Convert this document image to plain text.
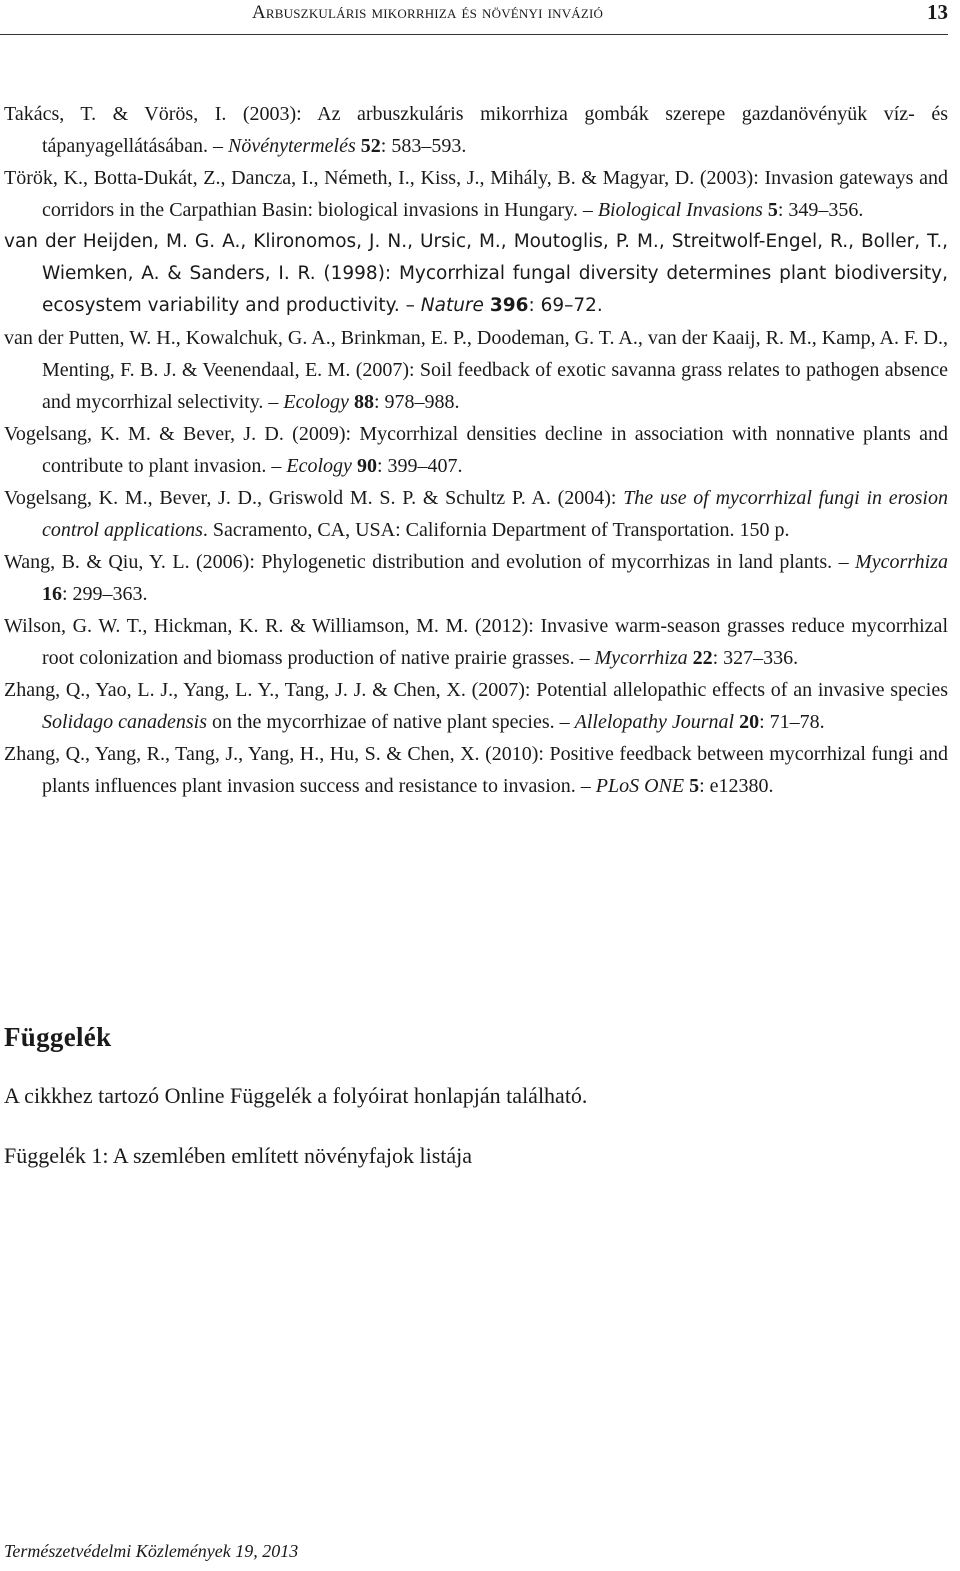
Arbuszkuláris mikorrhiza és növényi invázió	13
Takács, T. & Vörös, I. (2003): Az arbuszkuláris mikorrhiza gombák szerepe gazdanövényük víz- és tápanyagellátásában. – Növénytermelés 52: 583–593.
Török, K., Botta-Dukát, Z., Dancza, I., Németh, I., Kiss, J., Mihály, B. & Magyar, D. (2003): Invasion gateways and corridors in the Carpathian Basin: biological invasions in Hungary. – Biological Invasions 5: 349–356.
van der Heijden, M. G. A., Klironomos, J. N., Ursic, M., Moutoglis, P. M., Streitwolf-Engel, R., Boller, T., Wiemken, A. & Sanders, I. R. (1998): Mycorrhizal fungal diversity determines plant biodiversity, ecosystem variability and productivity. – Nature 396: 69–72.
van der Putten, W. H., Kowalchuk, G. A., Brinkman, E. P., Doodeman, G. T. A., van der Kaaij, R. M., Kamp, A. F. D., Menting, F. B. J. & Veenendaal, E. M. (2007): Soil feedback of exotic savanna grass relates to pathogen absence and mycorrhizal selectivity. – Ecology 88: 978–988.
Vogelsang, K. M. & Bever, J. D. (2009): Mycorrhizal densities decline in association with nonnative plants and contribute to plant invasion. – Ecology 90: 399–407.
Vogelsang, K. M., Bever, J. D., Griswold M. S. P. & Schultz P. A. (2004): The use of mycorrhizal fungi in erosion control applications. Sacramento, CA, USA: California Department of Transportation. 150 p.
Wang, B. & Qiu, Y. L. (2006): Phylogenetic distribution and evolution of mycorrhizas in land plants. – Mycorrhiza 16: 299–363.
Wilson, G. W. T., Hickman, K. R. & Williamson, M. M. (2012): Invasive warm-season grasses reduce mycorrhizal root colonization and biomass production of native prairie grasses. – Mycorrhiza 22: 327–336.
Zhang, Q., Yao, L. J., Yang, L. Y., Tang, J. J. & Chen, X. (2007): Potential allelopathic effects of an invasive species Solidago canadensis on the mycorrhizae of native plant species. – Allelopathy Journal 20: 71–78.
Zhang, Q., Yang, R., Tang, J., Yang, H., Hu, S. & Chen, X. (2010): Positive feedback between mycorrhizal fungi and plants influences plant invasion success and resistance to invasion. – PLoS ONE 5: e12380.
Függelék

A cikkhez tartozó Online Függelék a folyóirat honlapján található.

Függelék 1: A szemlében említett növényfajok listája

Természetvédelmi Közlemények 19, 2013
